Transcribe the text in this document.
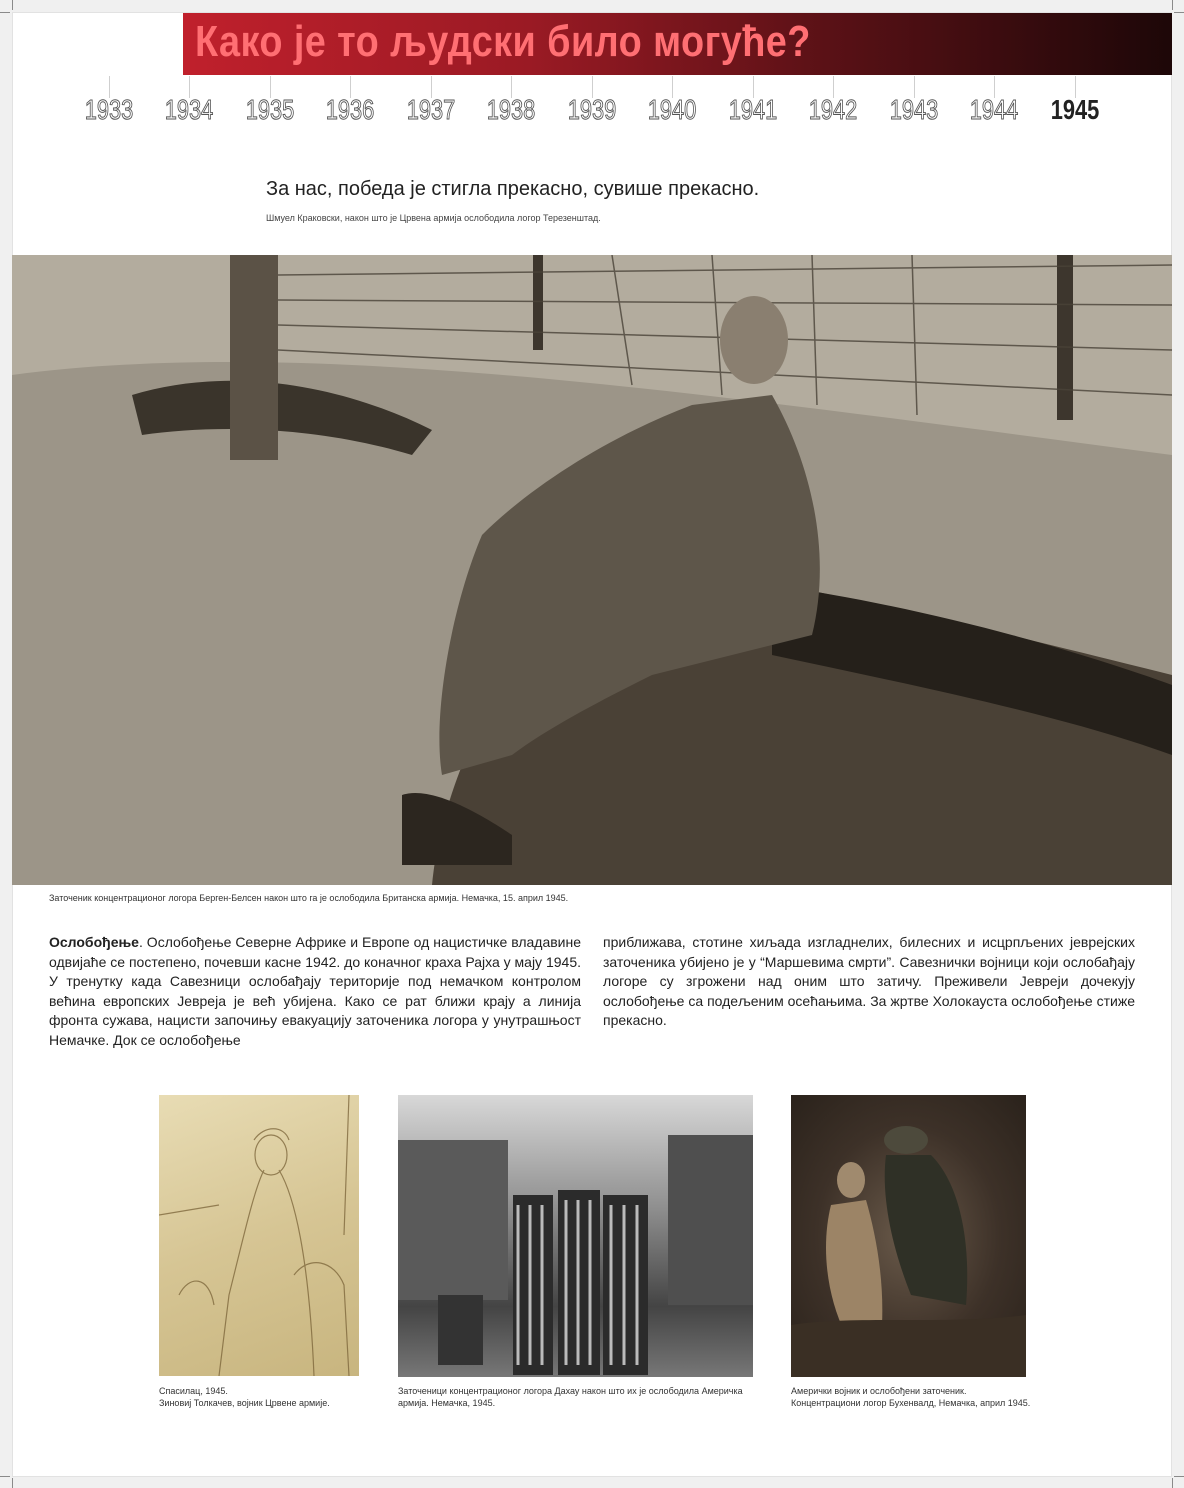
Како је то људски било могуће?
1933 1934 1935 1936 1937 1938 1939 1940 1941 1942 1943 1944 1945
За нас, победа је стигла прекасно, сувише прекасно.
Шмуел Краковски, након што је Црвена армија ослободила логор Терезенштад.
Заточеник концентрационог логора Берген-Белсен након што га је ослободила Британска армија. Немачка, 15. април 1945.
Ослобођење. Ослобођење Северне Африке и Европе од нацистичке владавине одвијаће се постепено, почевши касне 1942. до коначног краха Рајха у мају 1945. У тренутку када Савезници ослобађају територије под немачком контролом већина европских Јевреја је већ убијена. Како се рат ближи крају а линија фронта сужава, нацисти започињу евакуацију заточеника логора у унутрашњост Немачке. Док се ослобођење
приближава, стотине хиљада изгладнелих, билесних и исцрпљених јеврејских заточеника убијено је у “Маршевима смрти”. Савезнички војници који ослобађају логоре су згрожени над оним што затичу. Преживели Јевреји дочекују ослобођење са подељеним осећањима. За жртве Холокауста ослобођење стиже прекасно.
Спасилац, 1945.
Зиновиј Толкачев, војник Црвене армије.
Заточеници концентрационог логора Дахау након што их је ослободила Америчка
армија. Немачка, 1945.
Амерички војник и ослобођени заточеник.
Концентрациони логор Бухенвалд, Немачка, април 1945.
